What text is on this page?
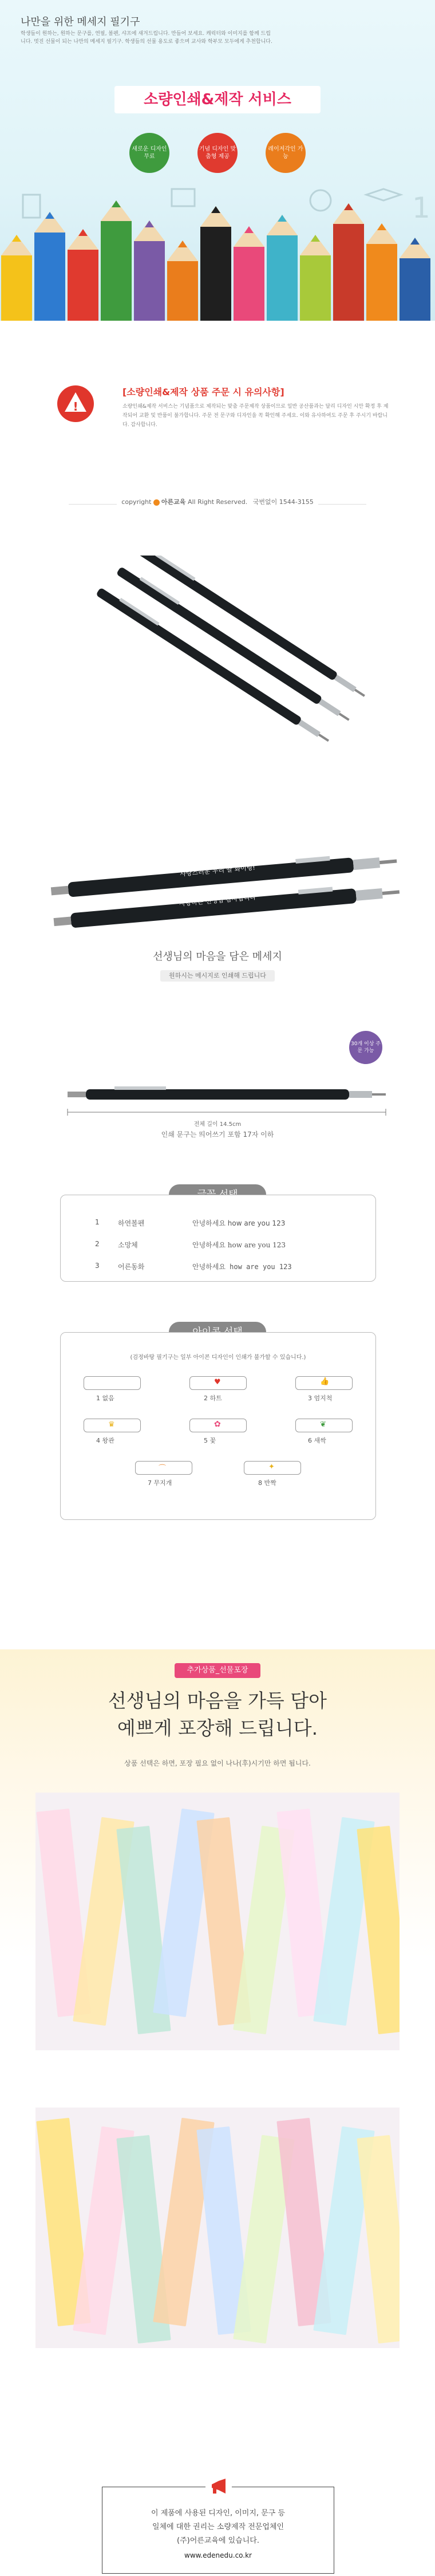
나만을 위한 메세지 필기구
학생들이 원하는, 원하는 문구를, 연필, 볼펜, 샤프에 새겨드립니다. 만들어 보세요. 캐릭터와 이미지를 함께 드립니다. 멋진 선물이 되는 나만의 메세지 필기구. 학생들의 선물 용도로 좋으며 교사와 학부모 모두에게 추천합니다.
소량인쇄&제작 서비스
새로운 디자인 무료
기념 디자인 맞춤형 제공
레이저각인 가능
1
!
[소량인쇄&제작 상품 주문 시 유의사항]
소량인쇄&제작 서비스는 기념품으로 제작되는 맞춤 주문제작 상품이므로 일반 공산품과는 달리 디자인 시안 확정 후 제작되어 교환 및 반품이 불가합니다. 주문 전 문구와 디자인을 꼭 확인해 주세요. 이와 유사하여도 주문 후 주시기 바랍니다. 감사합니다.
copyright 아른교육 All Right Reserved. 국번없이 1544-3155
사랑스러운 우리 딸 화이팅!
사랑하는 선생님 감사합니다
선생님의 마음을 담은 메세지
원하시는 메시지로 인쇄해 드립니다
30개 이상 주문 가능
전체 길이 14.5cm
인쇄 문구는 띄어쓰기 포함 17자 이하
1	하연볼펜	안녕하세요 how are you 123
2	소망체	안녕하세요 how are you 123
3	어른동화	안녕하세요 how are you 123
(검정바탕 필기구는 일부 아이콘 디자인이 인쇄가 불가할 수 있습니다.)
♥	👍
1 없음	2 하트	3 엄지척
♛	✿	❦
4 왕관	5 꽃	6 새싹
⌒	✦
7 무지개	8 반짝
추가상품_선물포장
선생님의 마음을 가득 담아
예쁘게 포장해 드립니다.
상품 선택은 하면, 포장 필요 없이 나나(후)시기만 하면 됩니다.
이 제품에 사용된 디자인, 이미지, 문구 등
일체에 대한 권리는 소량제작 전문업체인
(주)어른교육에 있습니다.
www.edenedu.co.kr
